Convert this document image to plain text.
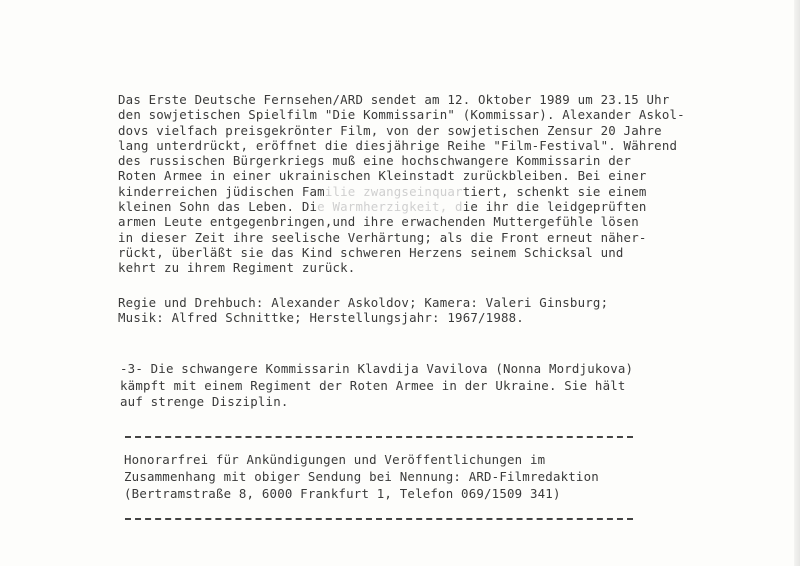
Das Erste Deutsche Fernsehen/ARD sendet am 12. Oktober 1989 um 23.15 Uhr
den sowjetischen Spielfilm "Die Kommissarin" (Kommissar). Alexander Askol-
dovs vielfach preisgekrönter Film, von der sowjetischen Zensur 20 Jahre
lang unterdrückt, eröffnet die diesjährige Reihe "Film-Festival". Während
des russischen Bürgerkriegs muß eine hochschwangere Kommissarin der
Roten Armee in einer ukrainischen Kleinstadt zurückbleiben. Bei einer
kinderreichen jüdischen Familie zwangseinquartiert, schenkt sie einem
kleinen Sohn das Leben. Die Warmherzigkeit, die ihr die leidgeprüften
armen Leute entgegenbringen,und ihre erwachenden Muttergefühle lösen
in dieser Zeit ihre seelische Verhärtung; als die Front erneut näher-
rückt, überläßt sie das Kind schweren Herzens seinem Schicksal und
kehrt zu ihrem Regiment zurück.
Regie und Drehbuch: Alexander Askoldov; Kamera: Valeri Ginsburg;
Musik: Alfred Schnittke; Herstellungsjahr: 1967/1988.
-3- Die schwangere Kommissarin Klavdija Vavilova (Nonna Mordjukova)
kämpft mit einem Regiment der Roten Armee in der Ukraine. Sie hält
auf strenge Disziplin.
Honorarfrei für Ankündigungen und Veröffentlichungen im
Zusammenhang mit obiger Sendung bei Nennung: ARD-Filmredaktion
(Bertramstraße 8, 6000 Frankfurt 1, Telefon 069/1509 341)
